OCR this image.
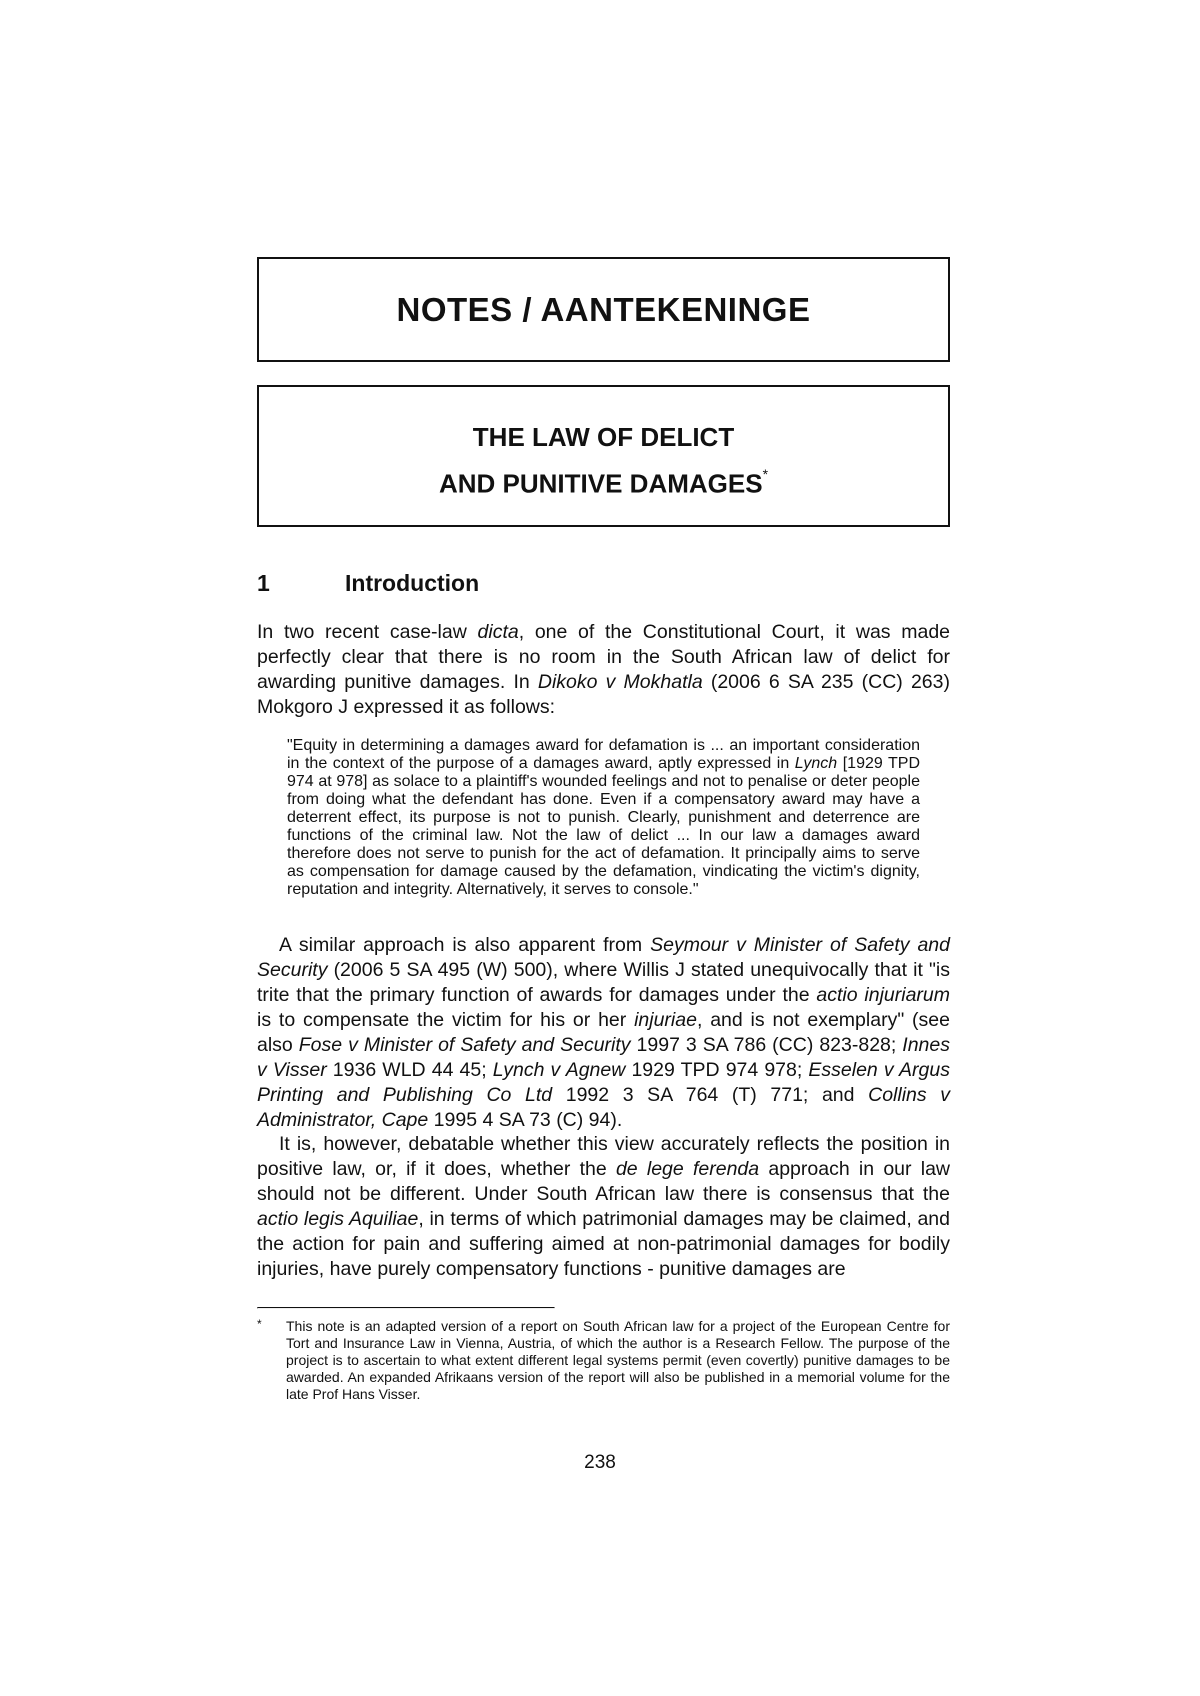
NOTES / AANTEKENINGE

THE LAW OF DELICT

AND PUNITIVE DAMAGES*

1	Introduction

In two recent case-law dicta, one of the Constitutional Court, it was made perfectly clear that there is no room in the South African law of delict for awarding punitive damages. In Dikoko v Mokhatla (2006 6 SA 235 (CC) 263) Mokgoro J expressed it as follows:

"Equity in determining a damages award for defamation is ... an important consideration in the context of the purpose of a damages award, aptly expressed in Lynch [1929 TPD 974 at 978] as solace to a plaintiff's wounded feelings and not to penalise or deter people from doing what the defendant has done. Even if a compensatory award may have a deterrent effect, its purpose is not to punish. Clearly, punishment and deterrence are functions of the criminal law. Not the law of delict ... In our law a damages award therefore does not serve to punish for the act of defamation. It principally aims to serve as compensation for damage caused by the defamation, vindicating the victim's dignity, reputation and integrity. Alternatively, it serves to console."

A similar approach is also apparent from Seymour v Minister of Safety and Security (2006 5 SA 495 (W) 500), where Willis J stated unequivocally that it "is trite that the primary function of awards for damages under the actio injuriarum is to compensate the victim for his or her injuriae, and is not exemplary" (see also Fose v Minister of Safety and Security 1997 3 SA 786 (CC) 823-828; Innes v Visser 1936 WLD 44 45; Lynch v Agnew 1929 TPD 974 978; Esselen v Argus Printing and Publishing Co Ltd 1992 3 SA 764 (T) 771; and Collins v Administrator, Cape 1995 4 SA 73 (C) 94).

It is, however, debatable whether this view accurately reflects the position in positive law, or, if it does, whether the de lege ferenda approach in our law should not be different. Under South African law there is consensus that the actio legis Aquiliae, in terms of which patrimonial damages may be claimed, and the action for pain and suffering aimed at non-patrimonial damages for bodily injuries, have purely compensatory functions - punitive damages are

* This note is an adapted version of a report on South African law for a project of the European Centre for Tort and Insurance Law in Vienna, Austria, of which the author is a Research Fellow. The purpose of the project is to ascertain to what extent different legal systems permit (even covertly) punitive damages to be awarded. An expanded Afrikaans version of the report will also be published in a memorial volume for the late Prof Hans Visser.

238
